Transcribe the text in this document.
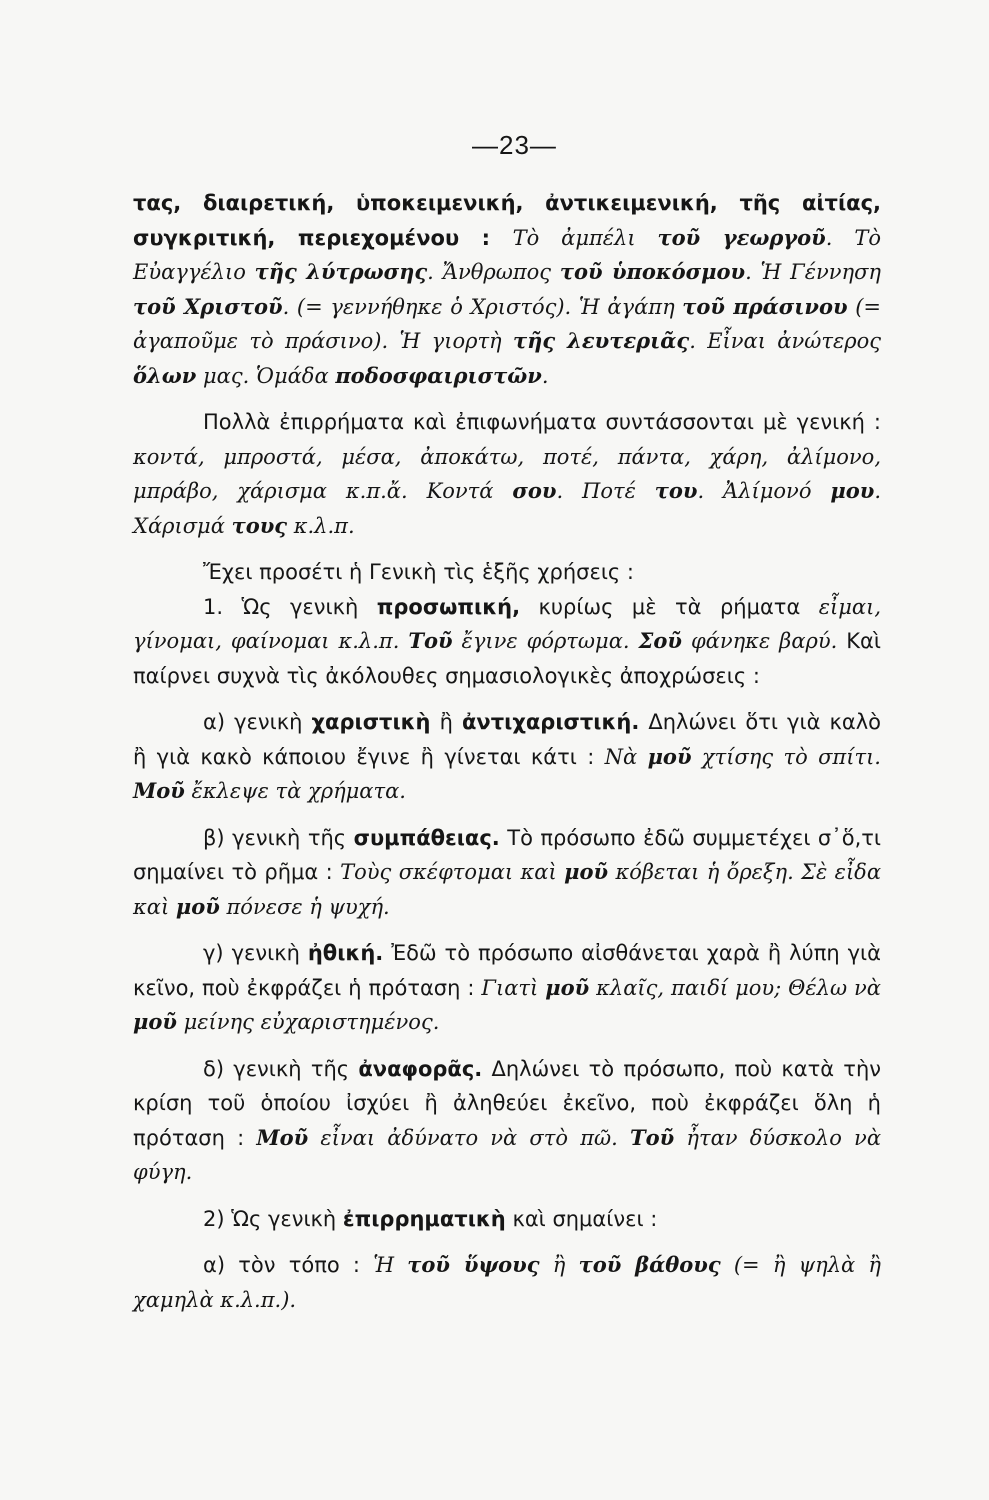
—23—

τας, διαιρετική, ὑποκειμενική, ἀντικειμενική, τῆς αἰτίας, συγκριτική, περιεχομένου : Τὸ ἀμπέλι τοῦ γεωργοῦ. Τὸ Εὐαγγέλιο τῆς λύτρωσης. Ἄνθρωπος τοῦ ὑποκόσμου. Ἡ Γέννηση τοῦ Χριστοῦ. (= γεννήθηκε ὁ Χριστός). Ἡ ἀγάπη τοῦ πράσινου (= ἀγαποῦμε τὸ πράσινο). Ἡ γιορτὴ τῆς λευτεριᾶς. Εἶναι ἀνώτερος ὅλων μας. Ὁμάδα ποδοσφαιριστῶν.

Πολλὰ ἐπιρρήματα καὶ ἐπιφωνήματα συντάσσονται μὲ γενική : κοντά, μπροστά, μέσα, ἀποκάτω, ποτέ, πάντα, χάρη, ἀλίμονο, μπράβο, χάρισμα κ.π.ἄ. Κοντά σου. Ποτέ του. Ἀλίμονό μου. Χάρισμά τους κ.λ.π.

Ἔχει προσέτι ἡ Γενικὴ τὶς ἑξῆς χρήσεις :

1. Ὡς γενικὴ προσωπική, κυρίως μὲ τὰ ρήματα εἶμαι, γίνομαι, φαίνομαι κ.λ.π. Τοῦ ἔγινε φόρτωμα. Σοῦ φάνηκε βαρύ. Καὶ παίρνει συχνὰ τὶς ἀκόλουθες σημασιολογικὲς ἀποχρώσεις :

α) γενικὴ χαριστικὴ ἢ ἀντιχαριστική. Δηλώνει ὅτι γιὰ καλὸ ἢ γιὰ κακὸ κάποιου ἔγινε ἢ γίνεται κάτι : Νὰ μοῦ χτίσης τὸ σπίτι. Μοῦ ἔκλεψε τὰ χρήματα.

β) γενικὴ τῆς συμπάθειας. Τὸ πρόσωπο ἐδῶ συμμετέχει σ᾽ὅ,τι σημαίνει τὸ ρῆμα : Τοὺς σκέφτομαι καὶ μοῦ κόβεται ἡ ὄρεξη. Σὲ εἶδα καὶ μοῦ πόνεσε ἡ ψυχή.

γ) γενικὴ ἠθική. Ἐδῶ τὸ πρόσωπο αἰσθάνεται χαρὰ ἢ λύπη γιὰ κεῖνο, ποὺ ἐκφράζει ἡ πρόταση : Γιατὶ μοῦ κλαῖς, παιδί μου; Θέλω νὰ μοῦ μείνης εὐχαριστημένος.

δ) γενικὴ τῆς ἀναφορᾶς. Δηλώνει τὸ πρόσωπο, ποὺ κατὰ τὴν κρίση τοῦ ὁποίου ἰσχύει ἢ ἀληθεύει ἐκεῖνο, ποὺ ἐκφράζει ὅλη ἡ πρόταση : Μοῦ εἶναι ἀδύνατο νὰ στὸ πῶ. Τοῦ ἦταν δύσκολο νὰ φύγη.

2) Ὡς γενικὴ ἐπιρρηματικὴ καὶ σημαίνει :

α) τὸν τόπο : Ἡ τοῦ ὕψους ἢ τοῦ βάθους (= ἢ ψηλὰ ἢ χαμηλὰ κ.λ.π.).
